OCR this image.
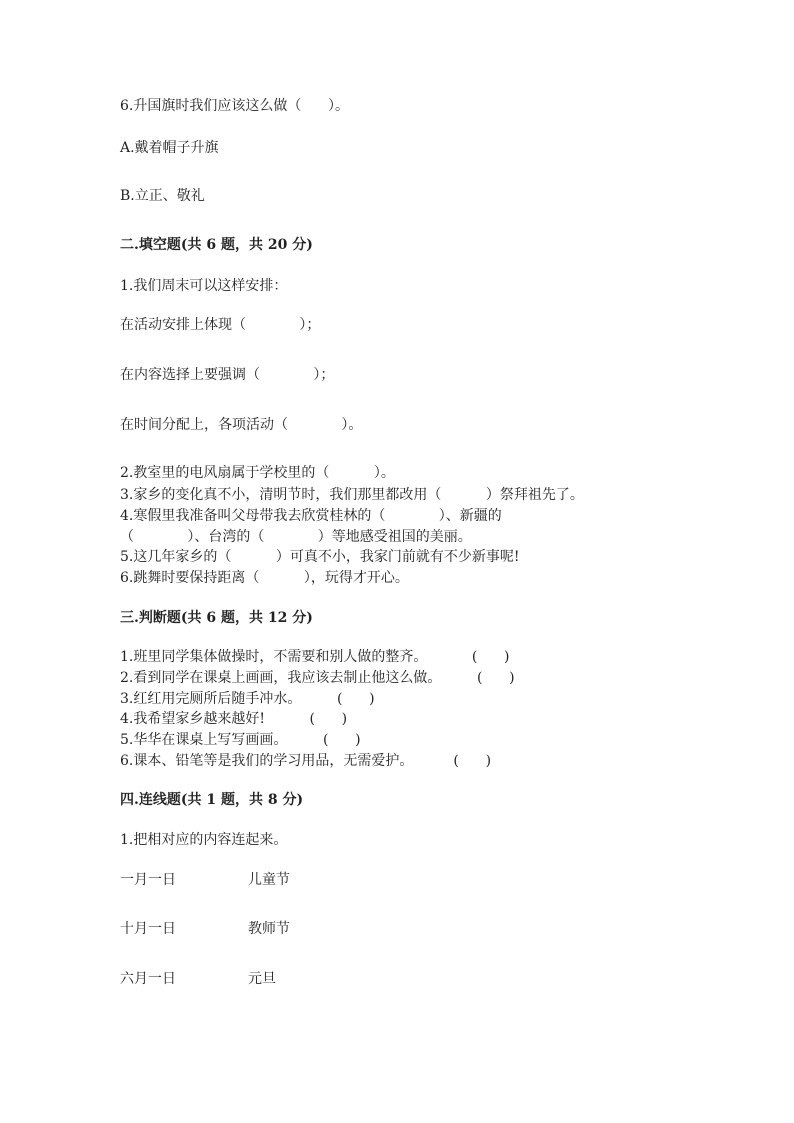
6.升国旗时我们应该这么做（      ）。
A.戴着帽子升旗
B.立正、敬礼
二.填空题(共 6 题，共 20 分)
1.我们周末可以这样安排：
在活动安排上体现（            ）；
在内容选择上要强调（            ）；
在时间分配上，各项活动（            ）。
2.教室里的电风扇属于学校里的（          ）。
3.家乡的变化真不小，清明节时，我们那里都改用（          ）祭拜祖先了。
4.寒假里我准备叫父母带我去欣赏桂林的（            ）、新疆的
（            ）、台湾的（            ）等地感受祖国的美丽。
5.这几年家乡的（          ）可真不小，我家门前就有不少新事呢!
6.跳舞时要保持距离（          ），玩得才开心。
三.判断题(共 6 题，共 12 分)
1.班里同学集体做操时，不需要和别人做的整齐。          (      )
2.看到同学在课桌上画画，我应该去制止他这么做。        (      )
3.红红用完厕所后随手冲水。        (      )
4.我希望家乡越来越好!          (      )
5.华华在课桌上写写画画。        (      )
6.课本、铅笔等是我们的学习用品，无需爱护。         (      )
四.连线题(共 1 题，共 8 分)
1.把相对应的内容连起来。
一月一日	儿童节
十月一日	教师节
六月一日	元旦
